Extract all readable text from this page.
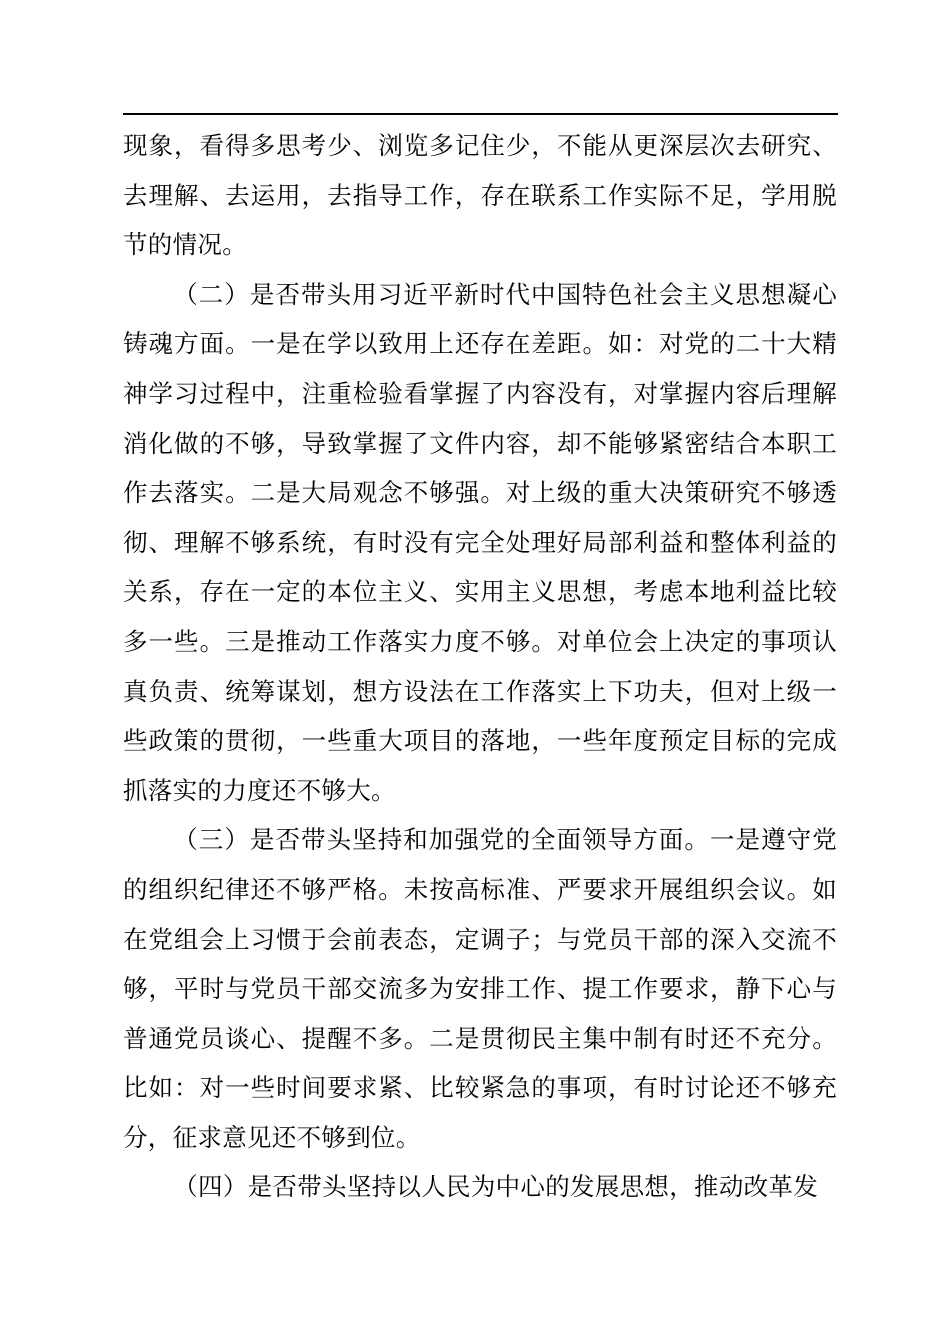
现象，看得多思考少、浏览多记住少，不能从更深层次去研究、去理解、去运用，去指导工作，存在联系工作实际不足，学用脱节的情况。

（二）是否带头用习近平新时代中国特色社会主义思想凝心铸魂方面。一是在学以致用上还存在差距。如：对党的二十大精神学习过程中，注重检验看掌握了内容没有，对掌握内容后理解消化做的不够，导致掌握了文件内容，却不能够紧密结合本职工作去落实。二是大局观念不够强。对上级的重大决策研究不够透彻、理解不够系统，有时没有完全处理好局部利益和整体利益的关系，存在一定的本位主义、实用主义思想，考虑本地利益比较多一些。三是推动工作落实力度不够。对单位会上决定的事项认真负责、统筹谋划，想方设法在工作落实上下功夫，但对上级一些政策的贯彻，一些重大项目的落地，一些年度预定目标的完成抓落实的力度还不够大。

（三）是否带头坚持和加强党的全面领导方面。一是遵守党的组织纪律还不够严格。未按高标准、严要求开展组织会议。如在党组会上习惯于会前表态，定调子；与党员干部的深入交流不够，平时与党员干部交流多为安排工作、提工作要求，静下心与普通党员谈心、提醒不多。二是贯彻民主集中制有时还不充分。比如：对一些时间要求紧、比较紧急的事项，有时讨论还不够充分，征求意见还不够到位。

（四）是否带头坚持以人民为中心的发展思想，推动改革发
